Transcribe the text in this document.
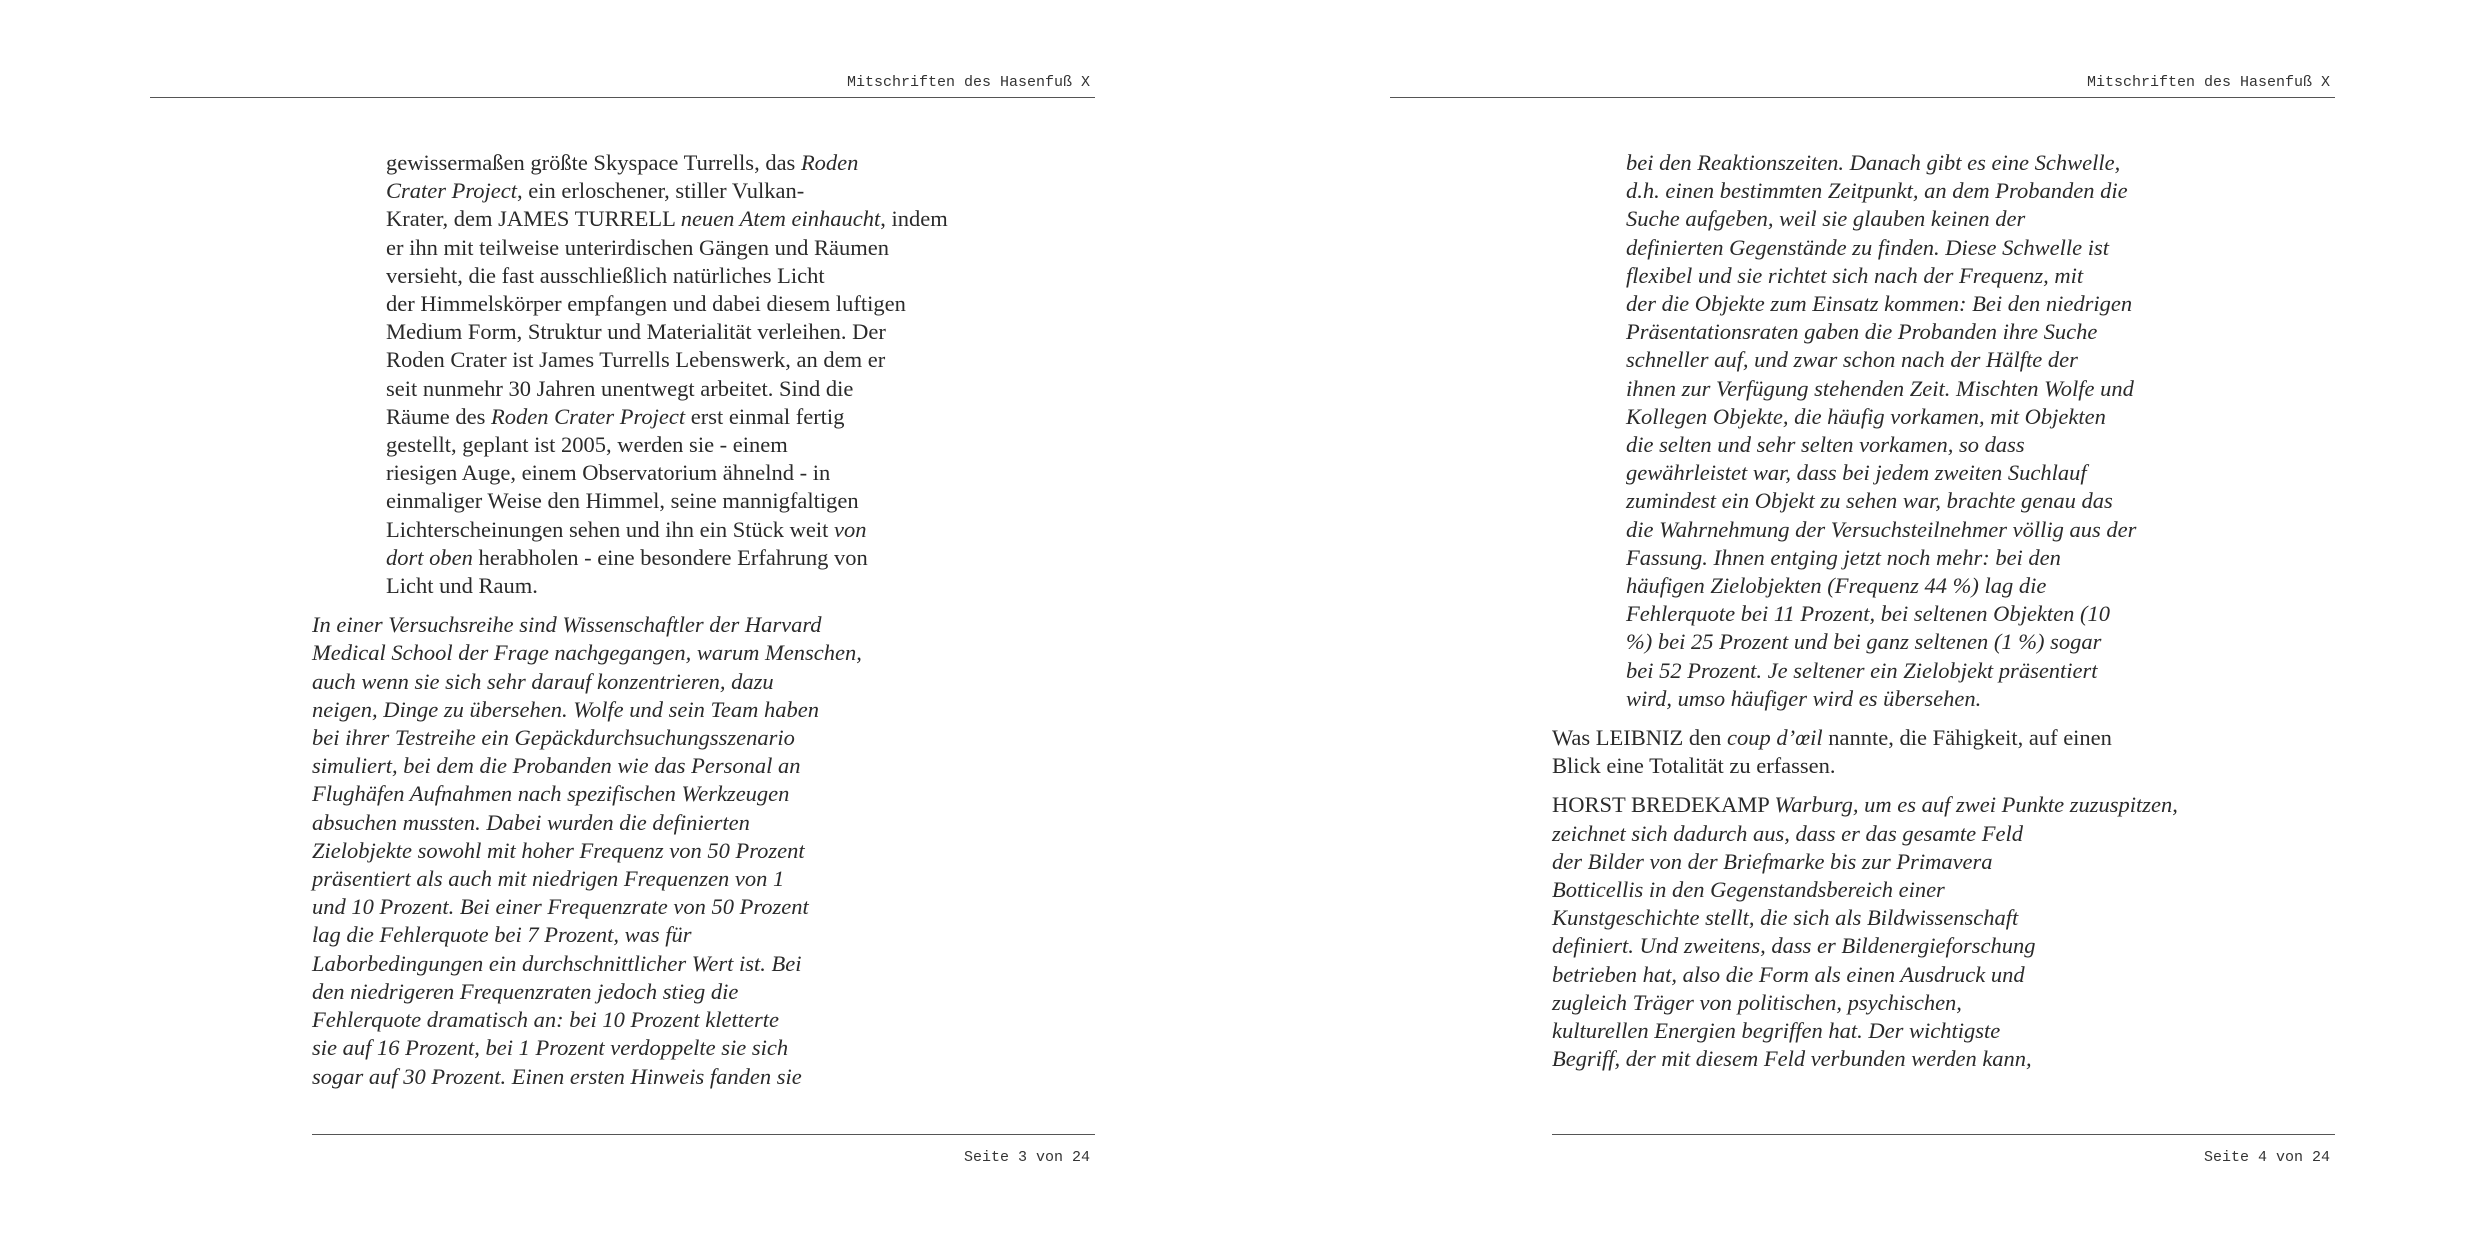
Mitschriften des Hasenfuß X

gewissermaßen größte Skyspace Turrells, das Roden
Crater Project, ein erloschener, stiller Vulkan-
Krater, dem JAMES TURRELL neuen Atem einhaucht, indem
er ihn mit teilweise unterirdischen Gängen und Räumen
versieht, die fast ausschließlich natürliches Licht
der Himmelskörper empfangen und dabei diesem luftigen
Medium Form, Struktur und Materialität verleihen. Der
Roden Crater ist James Turrells Lebenswerk, an dem er
seit nunmehr 30 Jahren unentwegt arbeitet. Sind die
Räume des Roden Crater Project erst einmal fertig
gestellt, geplant ist 2005, werden sie - einem
riesigen Auge, einem Observatorium ähnelnd - in
einmaliger Weise den Himmel, seine mannigfaltigen
Lichterscheinungen sehen und ihn ein Stück weit von
dort oben herabholen - eine besondere Erfahrung von
Licht und Raum.

In einer Versuchsreihe sind Wissenschaftler der Harvard
Medical School der Frage nachgegangen, warum Menschen,
auch wenn sie sich sehr darauf konzentrieren, dazu
neigen, Dinge zu übersehen. Wolfe und sein Team haben
bei ihrer Testreihe ein Gepäckdurchsuchungsszenario
simuliert, bei dem die Probanden wie das Personal an
Flughäfen Aufnahmen nach spezifischen Werkzeugen
absuchen mussten. Dabei wurden die definierten
Zielobjekte sowohl mit hoher Frequenz von 50 Prozent
präsentiert als auch mit niedrigen Frequenzen von 1
und 10 Prozent. Bei einer Frequenzrate von 50 Prozent
lag die Fehlerquote bei 7 Prozent, was für
Laborbedingungen ein durchschnittlicher Wert ist. Bei
den niedrigeren Frequenzraten jedoch stieg die
Fehlerquote dramatisch an: bei 10 Prozent kletterte
sie auf 16 Prozent, bei 1 Prozent verdoppelte sie sich
sogar auf 30 Prozent. Einen ersten Hinweis fanden sie

Seite 3 von 24
Mitschriften des Hasenfuß X

bei den Reaktionszeiten. Danach gibt es eine Schwelle,
d.h. einen bestimmten Zeitpunkt, an dem Probanden die
Suche aufgeben, weil sie glauben keinen der
definierten Gegenstände zu finden. Diese Schwelle ist
flexibel und sie richtet sich nach der Frequenz, mit
der die Objekte zum Einsatz kommen: Bei den niedrigen
Präsentationsraten gaben die Probanden ihre Suche
schneller auf, und zwar schon nach der Hälfte der
ihnen zur Verfügung stehenden Zeit. Mischten Wolfe und
Kollegen Objekte, die häufig vorkamen, mit Objekten
die selten und sehr selten vorkamen, so dass
gewährleistet war, dass bei jedem zweiten Suchlauf
zumindest ein Objekt zu sehen war, brachte genau das
die Wahrnehmung der Versuchsteilnehmer völlig aus der
Fassung. Ihnen entging jetzt noch mehr: bei den
häufigen Zielobjekten (Frequenz 44 %) lag die
Fehlerquote bei 11 Prozent, bei seltenen Objekten (10
%) bei 25 Prozent und bei ganz seltenen (1 %) sogar
bei 52 Prozent. Je seltener ein Zielobjekt präsentiert
wird, umso häufiger wird es übersehen.

Was LEIBNIZ den coup d’œil nannte, die Fähigkeit, auf einen
Blick eine Totalität zu erfassen.

HORST BREDEKAMP Warburg, um es auf zwei Punkte zuzuspitzen,
zeichnet sich dadurch aus, dass er das gesamte Feld
der Bilder von der Briefmarke bis zur Primavera
Botticellis in den Gegenstandsbereich einer
Kunstgeschichte stellt, die sich als Bildwissenschaft
definiert. Und zweitens, dass er Bildenergieforschung
betrieben hat, also die Form als einen Ausdruck und
zugleich Träger von politischen, psychischen,
kulturellen Energien begriffen hat. Der wichtigste
Begriff, der mit diesem Feld verbunden werden kann,

Seite 4 von 24
